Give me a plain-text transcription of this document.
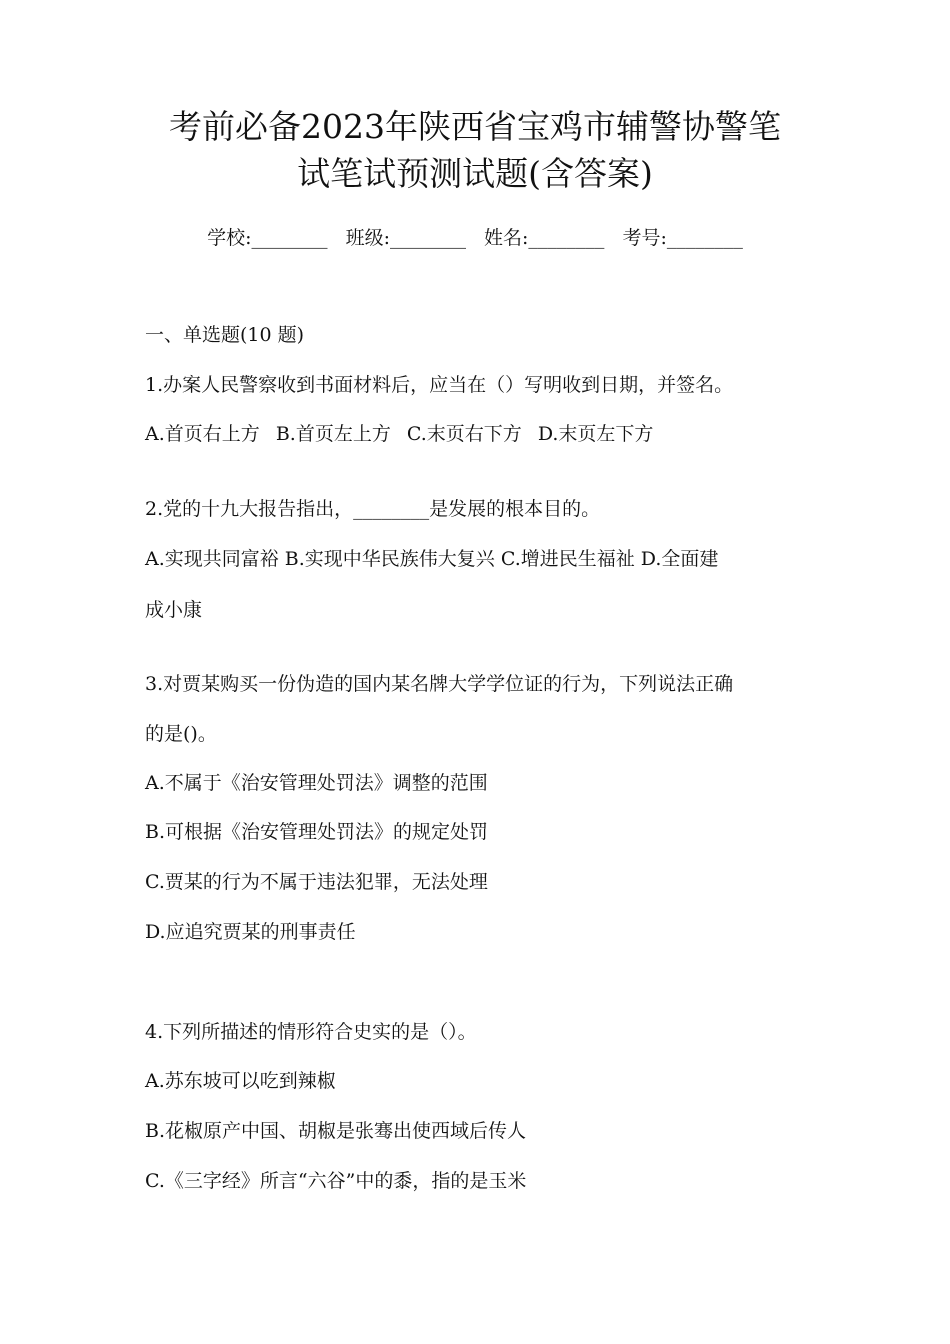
考前必备2023年陕西省宝鸡市辅警协警笔
试笔试预测试题(含答案)
学校:________ 班级:________ 姓名:________ 考号:________
一、单选题(10 题)
1.办案人民警察收到书面材料后，应当在（）写明收到日期，并签名。
A.首页右上方 B.首页左上方 C.末页右下方 D.末页左下方
2.党的十九大报告指出，________是发展的根本目的。
A.实现共同富裕 B.实现中华民族伟大复兴 C.增进民生福祉 D.全面建
成小康
3.对贾某购买一份伪造的国内某名牌大学学位证的行为，下列说法正确
的是()。
A.不属于《治安管理处罚法》调整的范围
B.可根据《治安管理处罚法》的规定处罚
C.贾某的行为不属于违法犯罪，无法处理
D.应追究贾某的刑事责任
4.下列所描述的情形符合史实的是（）。
A.苏东坡可以吃到辣椒
B.花椒原产中国、胡椒是张骞出使西域后传人
C.《三字经》所言“六谷”中的黍，指的是玉米
